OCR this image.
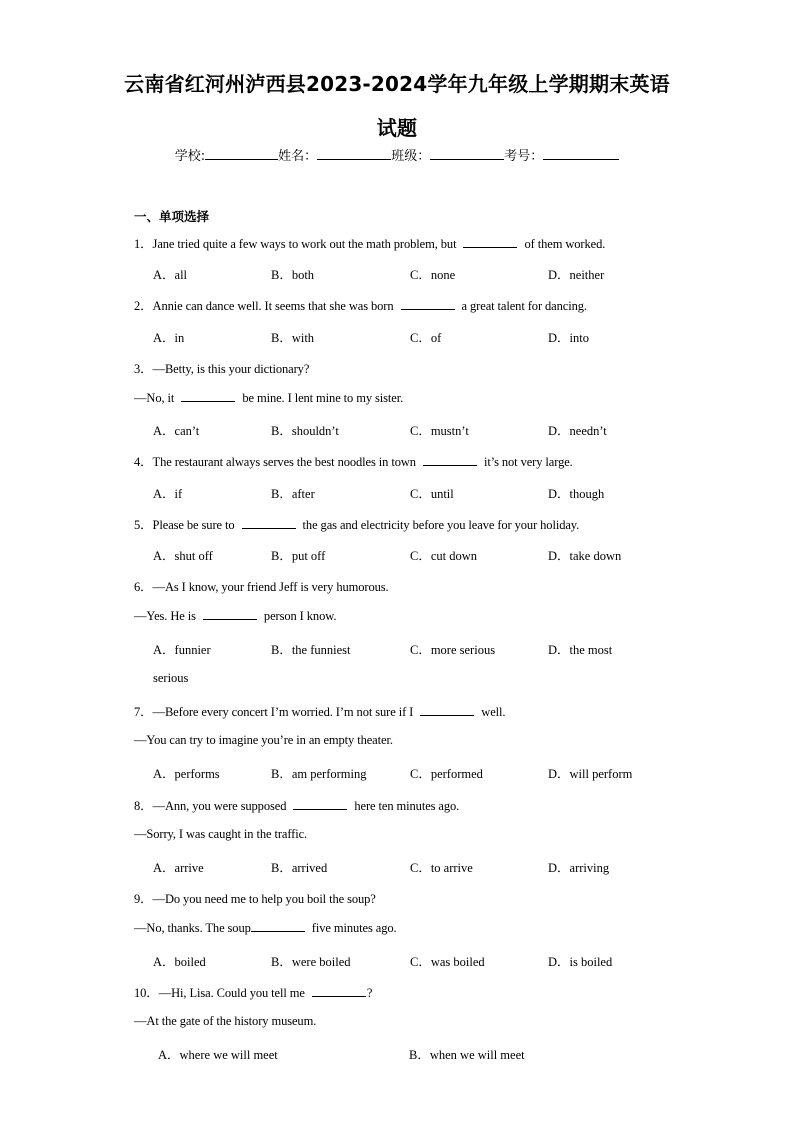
云南省红河州泸西县2023-2024学年九年级上学期期末英语
试题
学校:	姓名：	班级：	考号：
一、单项选择
1．Jane tried quite a few ways to work out the math problem, but	of them worked.
A．all	B．both	C．none	D．neither
2．Annie can dance well. It seems that she was born	a great talent for dancing.
A．in	B．with	C．of	D．into
3．—Betty, is this your dictionary?
—No, it	be mine. I lent mine to my sister.
A．can’t	B．shouldn’t	C．mustn’t	D．needn’t
4．The restaurant always serves the best noodles in town	it’s not very large.
A．if	B．after	C．until	D．though
5．Please be sure to	the gas and electricity before you leave for your holiday.
A．shut off	B．put off	C．cut down	D．take down
6．—As I know, your friend Jeff is very humorous.
—Yes. He is	person I know.
A．funnier	B．the funniest	C．more serious	D．the most
serious
7．—Before every concert I’m worried. I’m not sure if I	well.
—You can try to imagine you’re in an empty theater.
A．performs	B．am performing	C．performed	D．will perform
8．—Ann, you were supposed	here ten minutes ago.
—Sorry, I was caught in the traffic.
A．arrive	B．arrived	C．to arrive	D．arriving
9．—Do you need me to help you boil the soup?
—No, thanks. The soup	five minutes ago.
A．boiled	B．were boiled	C．was boiled	D．is boiled
10．—Hi, Lisa. Could you tell me	?
—At the gate of the history museum.
A．where we will meet	B．when we will meet
